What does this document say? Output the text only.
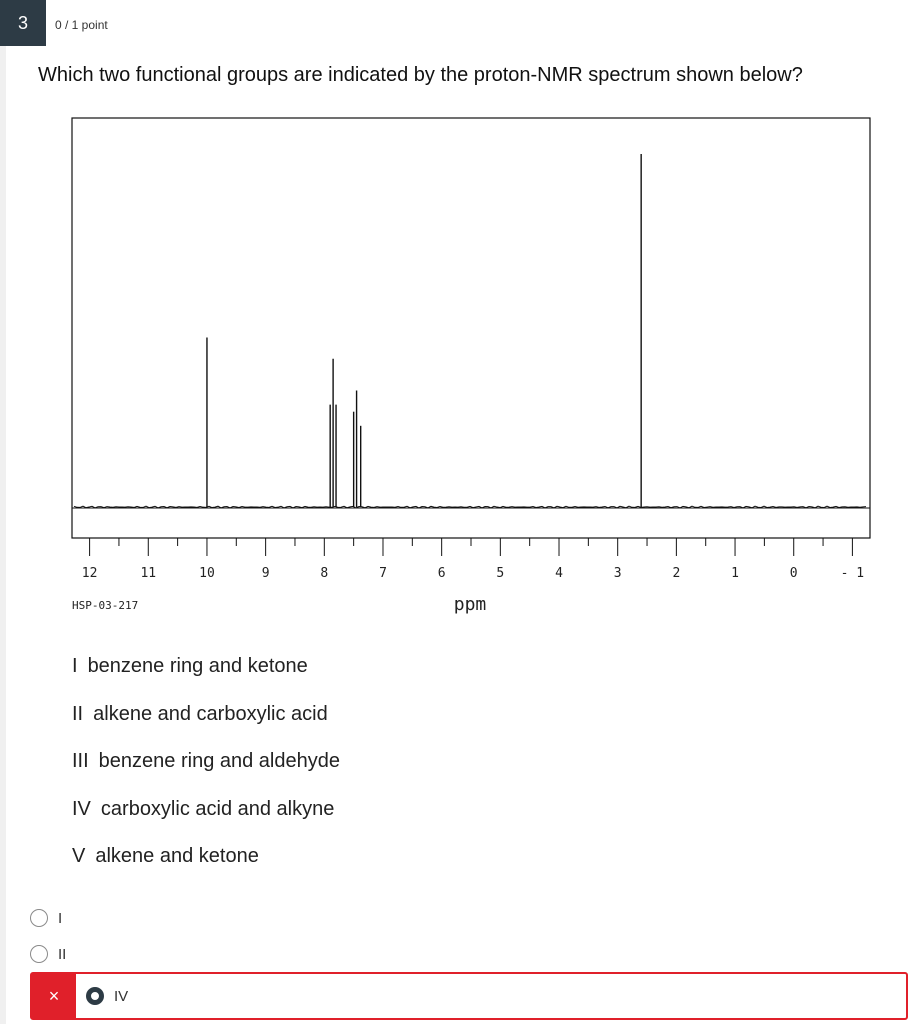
3	0 / 1 point
Which two functional groups are indicated by the proton-NMR spectrum shown below?
12	11	10	9	8	7	6	5	4	3	2	1	0	- 1
HSP-03-217	ppm
I benzene ring and ketone
II alkene and carboxylic acid
III benzene ring and aldehyde
IV carboxylic acid and alkyne
V alkene and ketone
I
II
×	IV
